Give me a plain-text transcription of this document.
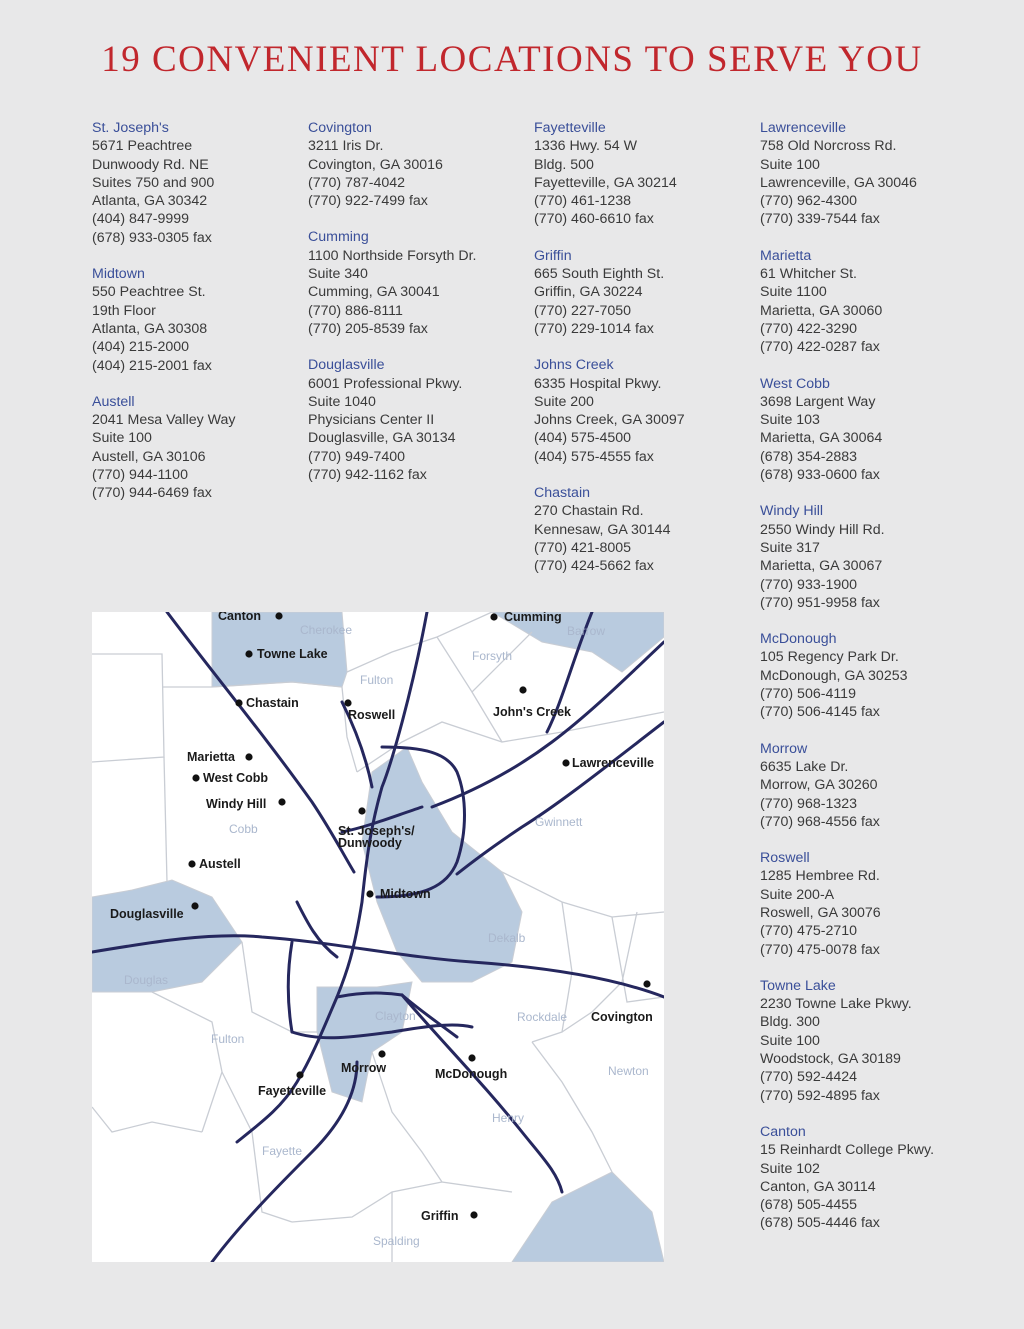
19 CONVENIENT LOCATIONS TO SERVE YOU
St. Joseph's
5671 Peachtree
Dunwoody Rd. NE
Suites 750 and 900
Atlanta, GA 30342
(404) 847-9999
(678) 933-0305 fax
Midtown
550 Peachtree St.
19th Floor
Atlanta, GA 30308
(404) 215-2000
(404) 215-2001 fax
Austell
2041 Mesa Valley Way
Suite 100
Austell, GA 30106
(770) 944-1100
(770) 944-6469 fax
Covington
3211 Iris Dr.
Covington, GA 30016
(770) 787-4042
(770) 922-7499 fax
Cumming
1100 Northside Forsyth Dr.
Suite 340
Cumming, GA 30041
(770) 886-8111
(770) 205-8539 fax
Douglasville
6001 Professional Pkwy.
Suite 1040
Physicians Center II
Douglasville, GA 30134
(770) 949-7400
(770) 942-1162 fax
Fayetteville
1336 Hwy. 54 W
Bldg. 500
Fayetteville, GA 30214
(770) 461-1238
(770) 460-6610 fax
Griffin
665 South Eighth St.
Griffin, GA 30224
(770) 227-7050
(770) 229-1014 fax
Johns Creek
6335 Hospital Pkwy.
Suite 200
Johns Creek, GA 30097
(404) 575-4500
(404) 575-4555 fax
Chastain
270 Chastain Rd.
Kennesaw, GA 30144
(770) 421-8005
(770) 424-5662 fax
Lawrenceville
758 Old Norcross Rd.
Suite 100
Lawrenceville, GA 30046
(770) 962-4300
(770) 339-7544 fax
Marietta
61 Whitcher St.
Suite 1100
Marietta, GA 30060
(770) 422-3290
(770) 422-0287 fax
West Cobb
3698 Largent Way
Suite 103
Marietta, GA 30064
(678) 354-2883
(678) 933-0600 fax
Windy Hill
2550 Windy Hill Rd.
Suite 317
Marietta, GA 30067
(770) 933-1900
(770) 951-9958 fax
McDonough
105 Regency Park Dr.
McDonough, GA 30253
(770) 506-4119
(770) 506-4145 fax
Morrow
6635 Lake Dr.
Morrow, GA 30260
(770) 968-1323
(770) 968-4556 fax
Roswell
1285 Hembree Rd.
Suite 200-A
Roswell, GA 30076
(770) 475-2710
(770) 475-0078 fax
Towne Lake
2230 Towne Lake Pkwy.
Bldg. 300
Suite 100
Woodstock, GA 30189
(770) 592-4424
(770) 592-4895 fax
Canton
15 Reinhardt College Pkwy.
Suite 102
Canton, GA 30114
(678) 505-4455
(678) 505-4446 fax
Cherokee	Barrow
Forsyth
Fulton
Cobb	Gwinnett
Dekalb
Douglas
Clayton	Rockdale
Newton
Fulton
Fayette
Henry
Spalding
Canton	Cumming
Towne Lake
Chastain
Roswell	John's Creek
Lawrenceville
Marietta
West Cobb
Windy Hill
St. Joseph's/
Dunwoody
Austell
Midtown
Douglasville
Covington
Morrow	McDonough
Fayetteville
Griffin
